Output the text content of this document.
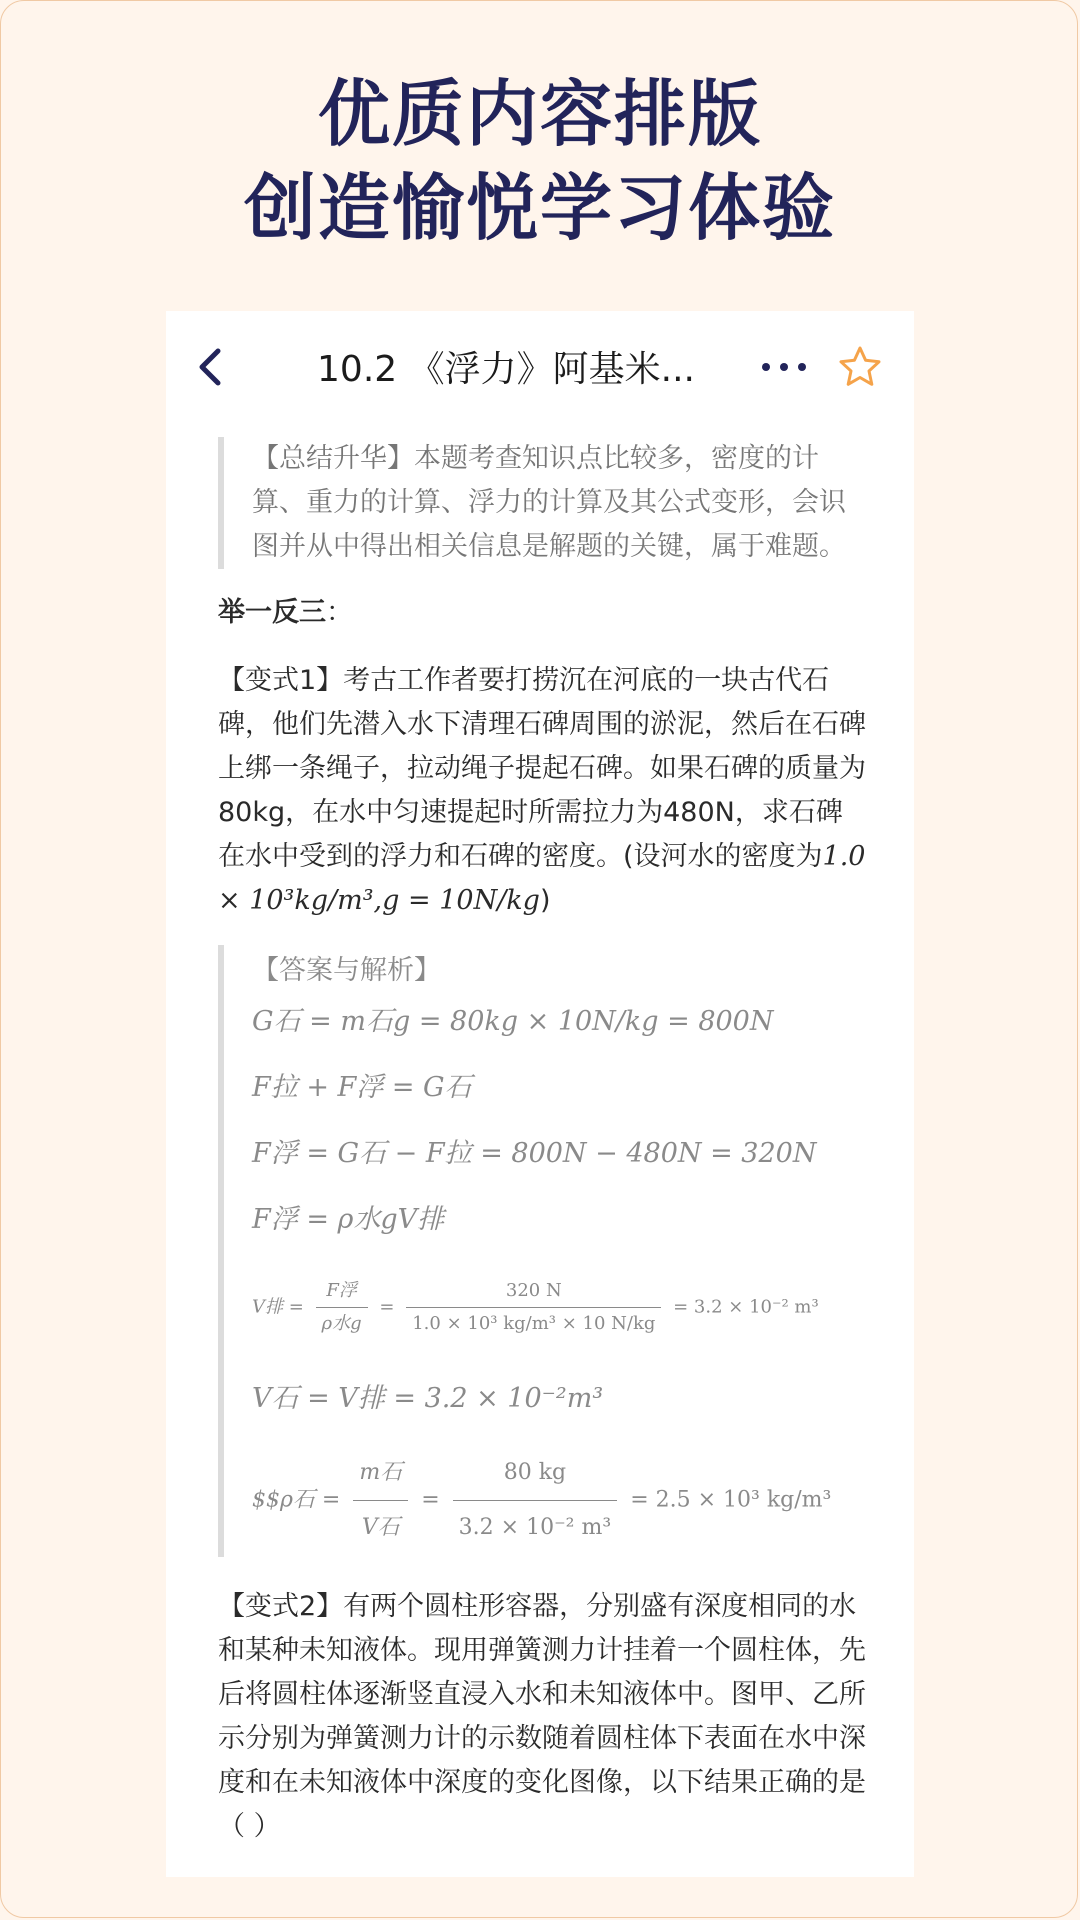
优质内容排版
创造愉悦学习体验
10.2 《浮力》阿基米...
【总结升华】本题考查知识点比较多，密度的计算、重力的计算、浮力的计算及其公式变形，会识图并从中得出相关信息是解题的关键，属于难题。
举一反三：
【变式1】考古工作者要打捞沉在河底的一块古代石碑，他们先潜入水下清理石碑周围的淤泥，然后在石碑上绑一条绳子，拉动绳子提起石碑。如果石碑的质量为80kg，在水中匀速提起时所需拉力为480N，求石碑在水中受到的浮力和石碑的密度。(设河水的密度为1.0 × 10³kg/m³,g = 10N/kg)
【答案与解析】
G石 = m石g = 80kg × 10N/kg = 800N
F拉 + F浮 = G石
F浮 = G石 − F拉 = 800N − 480N = 320N
F浮 = ρ水gV排
V排 = $\frac{\text{F浮}}{\text{ρ水g}} = \frac{320 N}{\text{1.0 × 10³ kg/m³ × 10 N/kg}} = 3.2 \times 10^{-2}$ m³
V石 = V排 = 3.2 × 10⁻²m³
$$ρ石 = $\frac{\text{m石}}{\text{V石}} = \frac{80 kg}{\text{3.2 × 10⁻² m³}} = 2.5 \times 10^3$ kg/m³
【变式2】有两个圆柱形容器，分别盛有深度相同的水和某种未知液体。现用弹簧测力计挂着一个圆柱体，先后将圆柱体逐渐竖直浸入水和未知液体中。图甲、乙所示分别为弹簧测力计的示数随着圆柱体下表面在水中深度和在未知液体中深度的变化图像，以下结果正确的是（ ）
